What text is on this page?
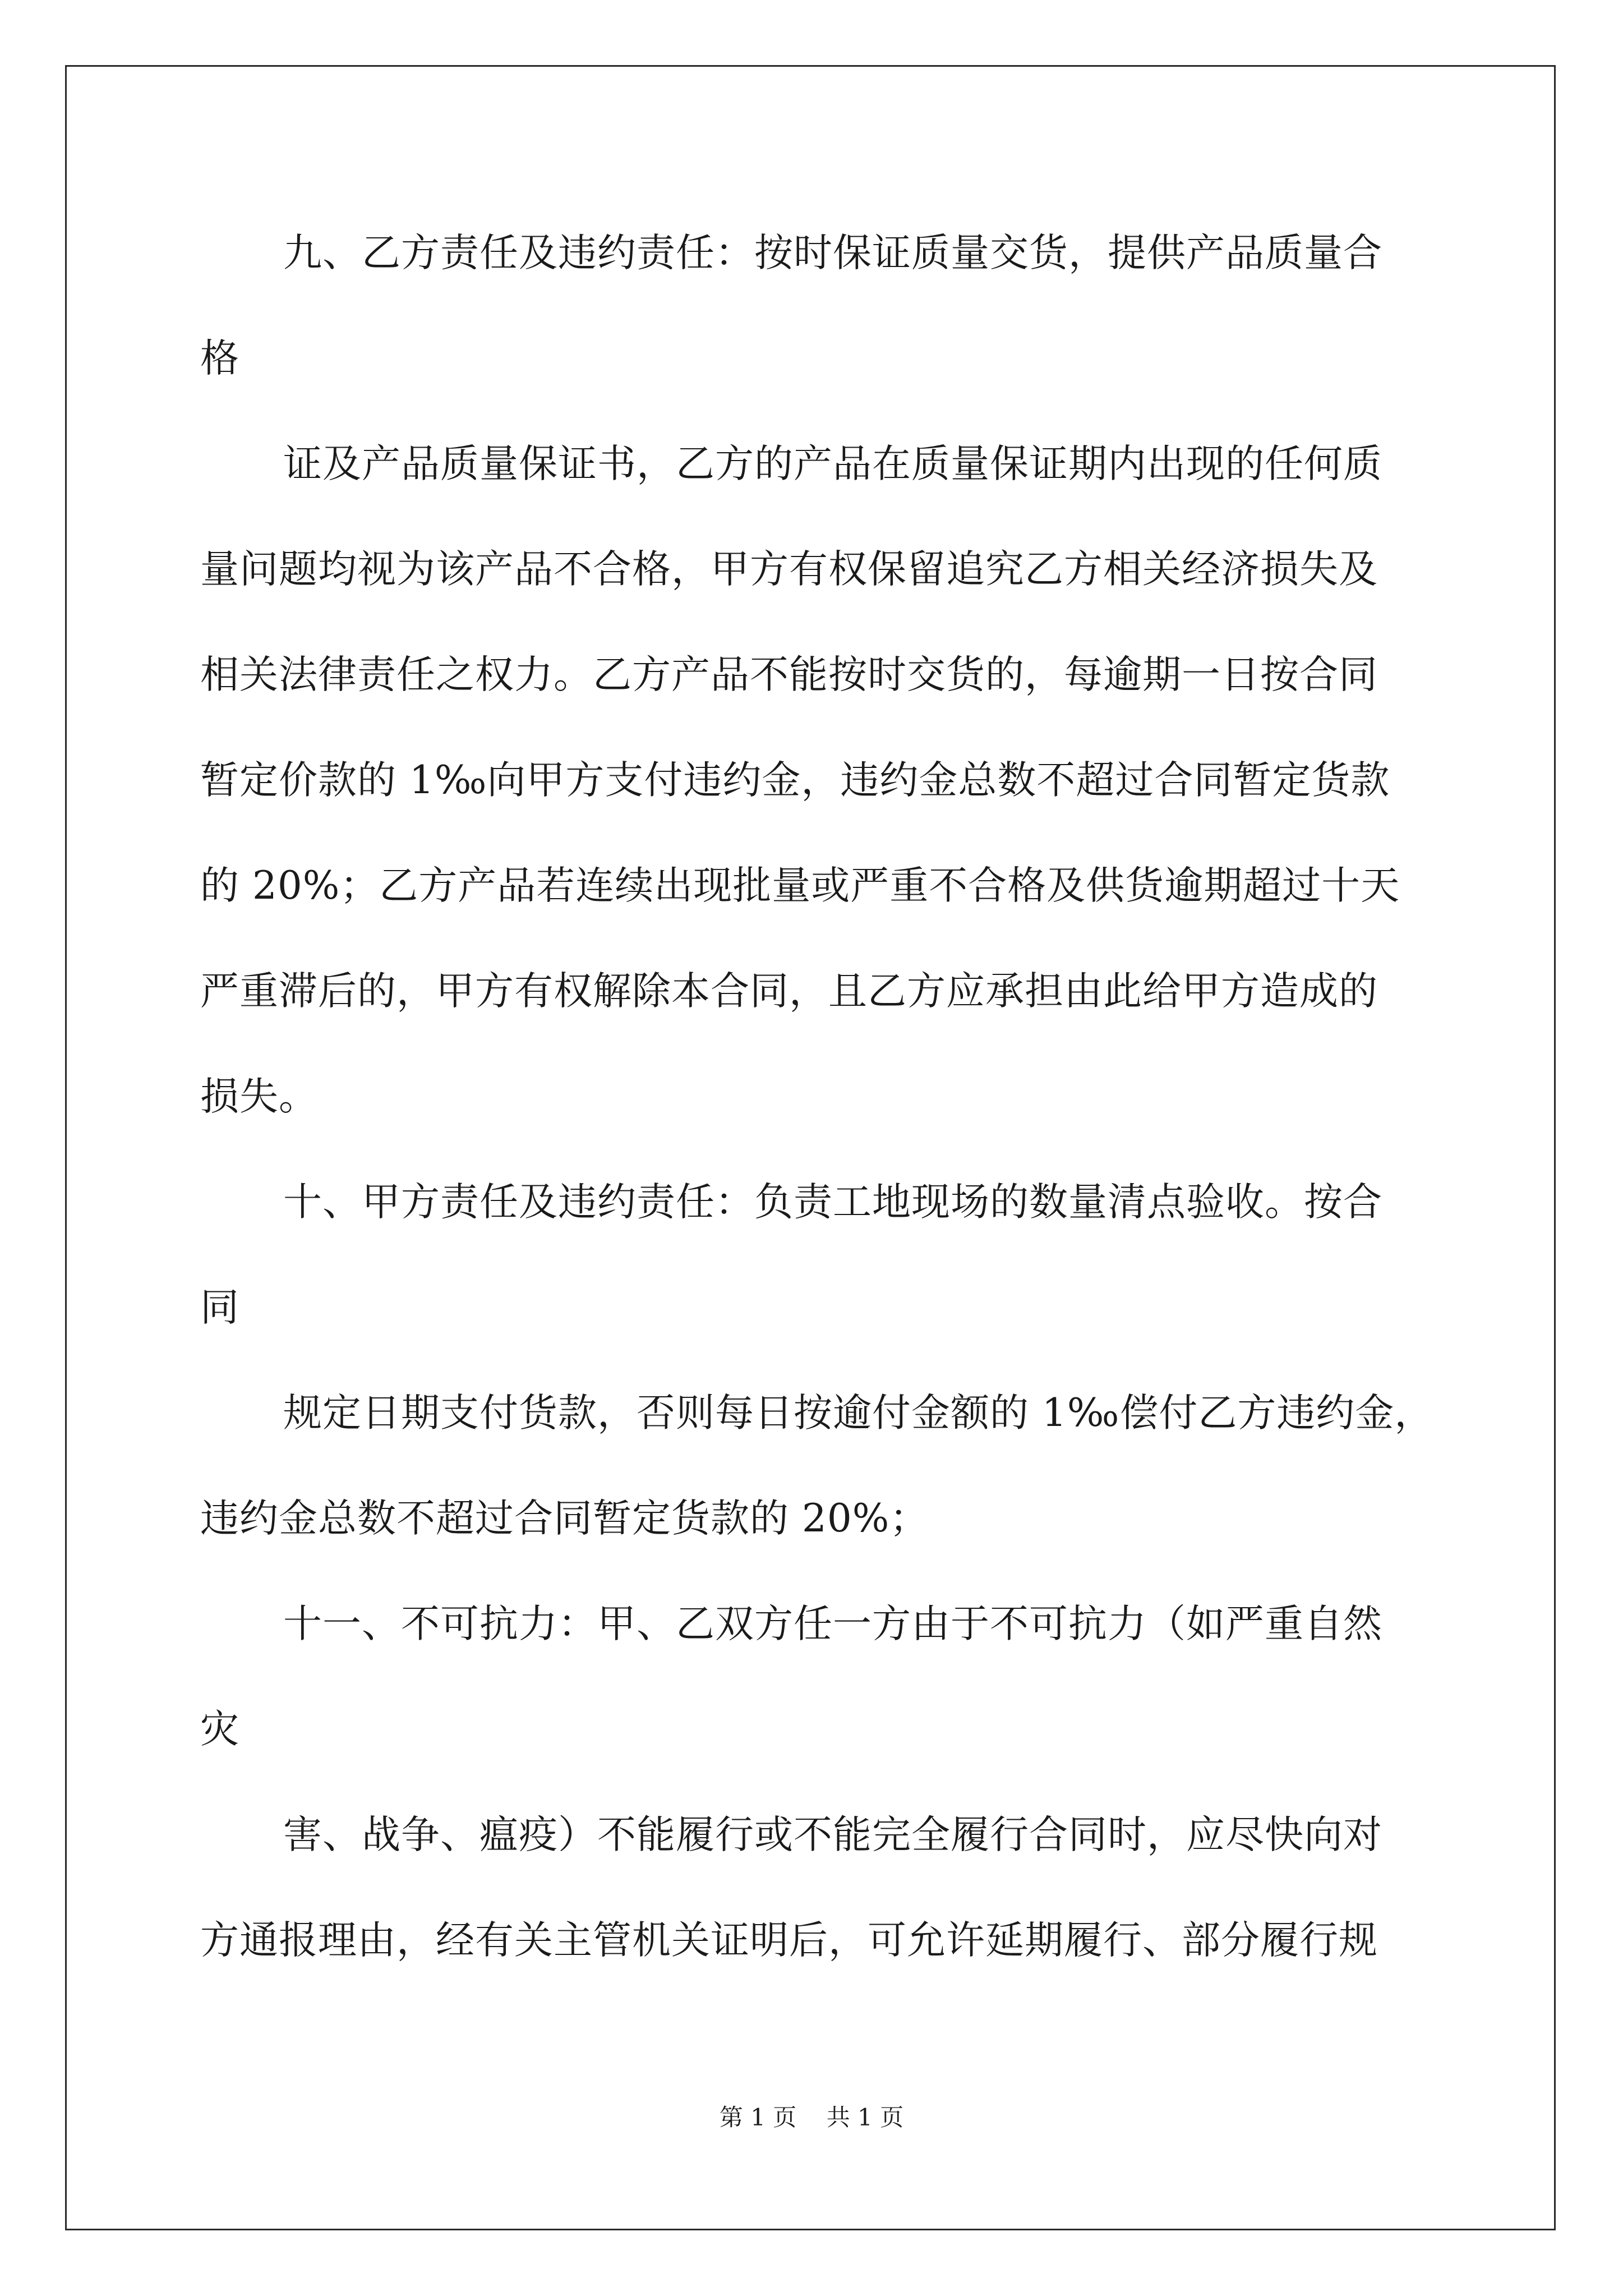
九、乙方责任及违约责任：按时保证质量交货，提供产品质量合
格
证及产品质量保证书，乙方的产品在质量保证期内出现的任何质
量问题均视为该产品不合格，甲方有权保留追究乙方相关经济损失及
相关法律责任之权力。乙方产品不能按时交货的，每逾期一日按合同
暂定价款的 1‰向甲方支付违约金，违约金总数不超过合同暂定货款
的 20%；乙方产品若连续出现批量或严重不合格及供货逾期超过十天
严重滞后的，甲方有权解除本合同，且乙方应承担由此给甲方造成的
损失。
十、甲方责任及违约责任：负责工地现场的数量清点验收。按合
同
规定日期支付货款，否则每日按逾付金额的 1‰偿付乙方违约金，
违约金总数不超过合同暂定货款的 20%；
十一、不可抗力：甲、乙双方任一方由于不可抗力（如严重自然
灾
害、战争、瘟疫）不能履行或不能完全履行合同时，应尽快向对
方通报理由，经有关主管机关证明后，可允许延期履行、部分履行规
第 1 页    共 1 页
